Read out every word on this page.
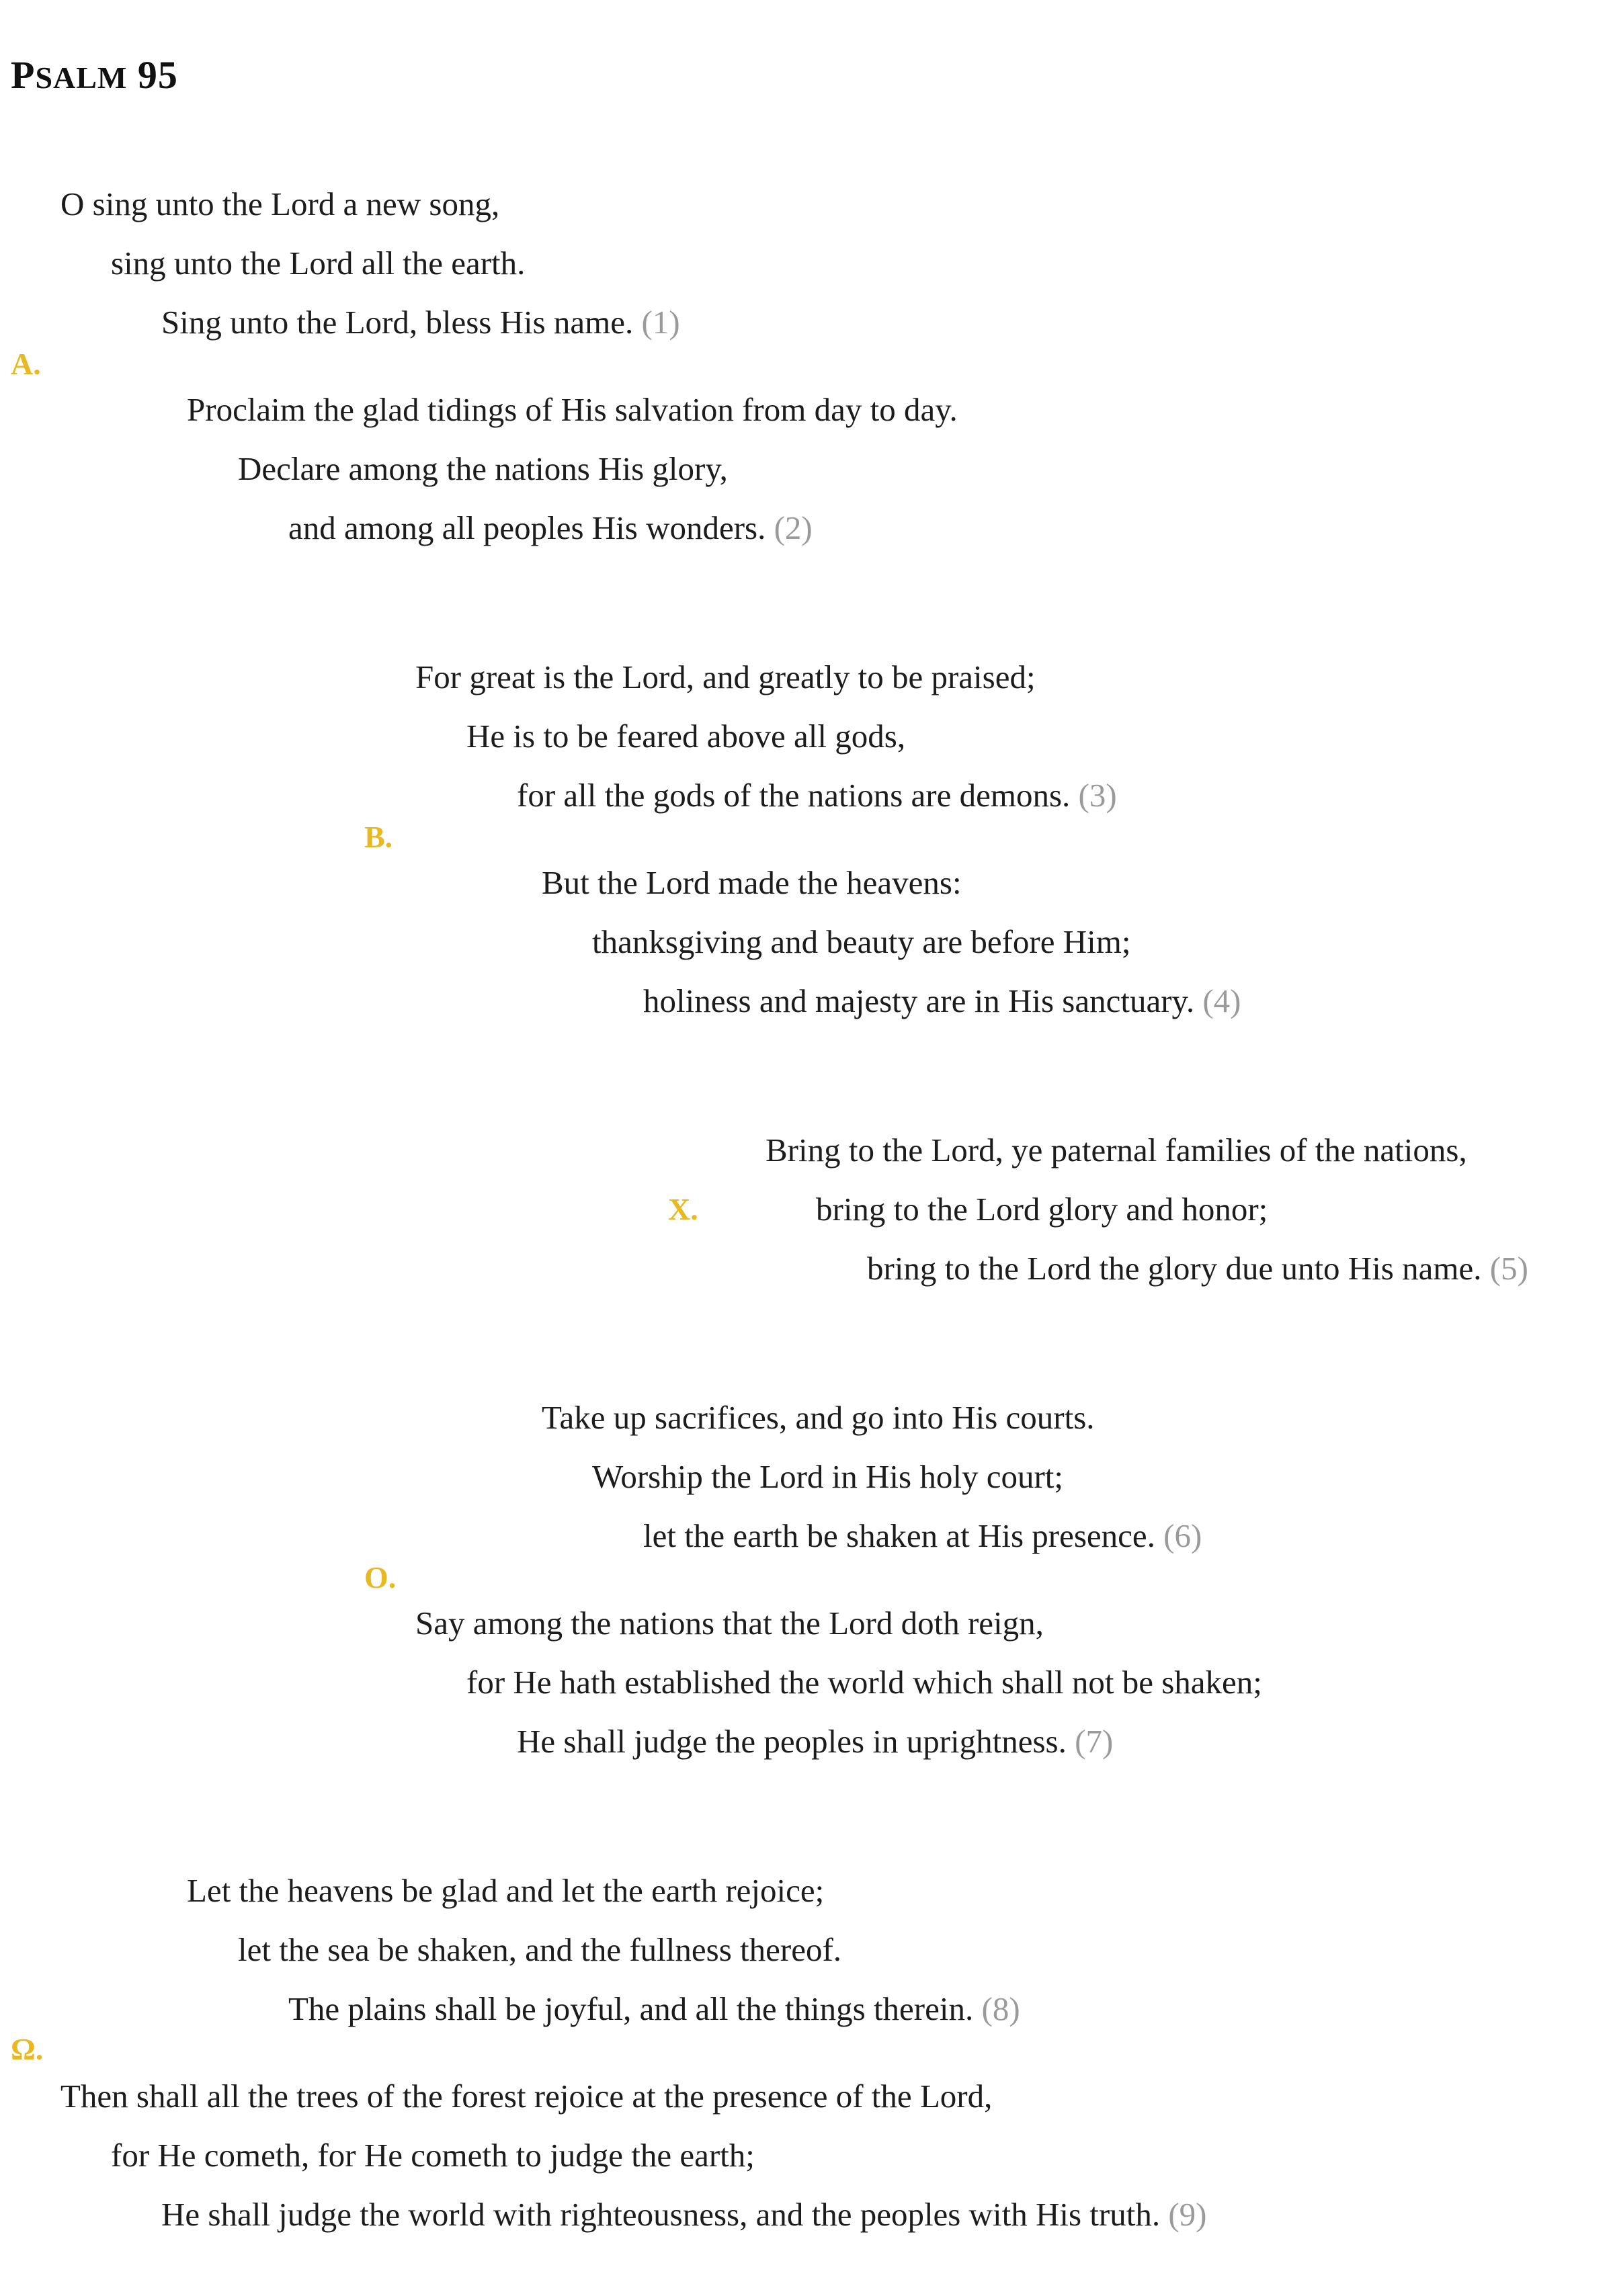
PSALM 95
A.
B.
X.
O.
Ω.
O sing unto the Lord a new song,
sing unto the Lord all the earth.
Sing unto the Lord, bless His name. (1)
Proclaim the glad tidings of His salvation from day to day.
Declare among the nations His glory,
and among all peoples His wonders. (2)
For great is the Lord, and greatly to be praised;
He is to be feared above all gods,
for all the gods of the nations are demons. (3)
But the Lord made the heavens:
thanksgiving and beauty are before Him;
holiness and majesty are in His sanctuary. (4)
Bring to the Lord, ye paternal families of the nations,
bring to the Lord glory and honor;
bring to the Lord the glory due unto His name. (5)
Take up sacrifices, and go into His courts.
Worship the Lord in His holy court;
let the earth be shaken at His presence. (6)
Say among the nations that the Lord doth reign,
for He hath established the world which shall not be shaken;
He shall judge the peoples in uprightness. (7)
Let the heavens be glad and let the earth rejoice;
let the sea be shaken, and the fullness thereof.
The plains shall be joyful, and all the things therein. (8)
Then shall all the trees of the forest rejoice at the presence of the Lord,
for He cometh, for He cometh to judge the earth;
He shall judge the world with righteousness, and the peoples with His truth. (9)
